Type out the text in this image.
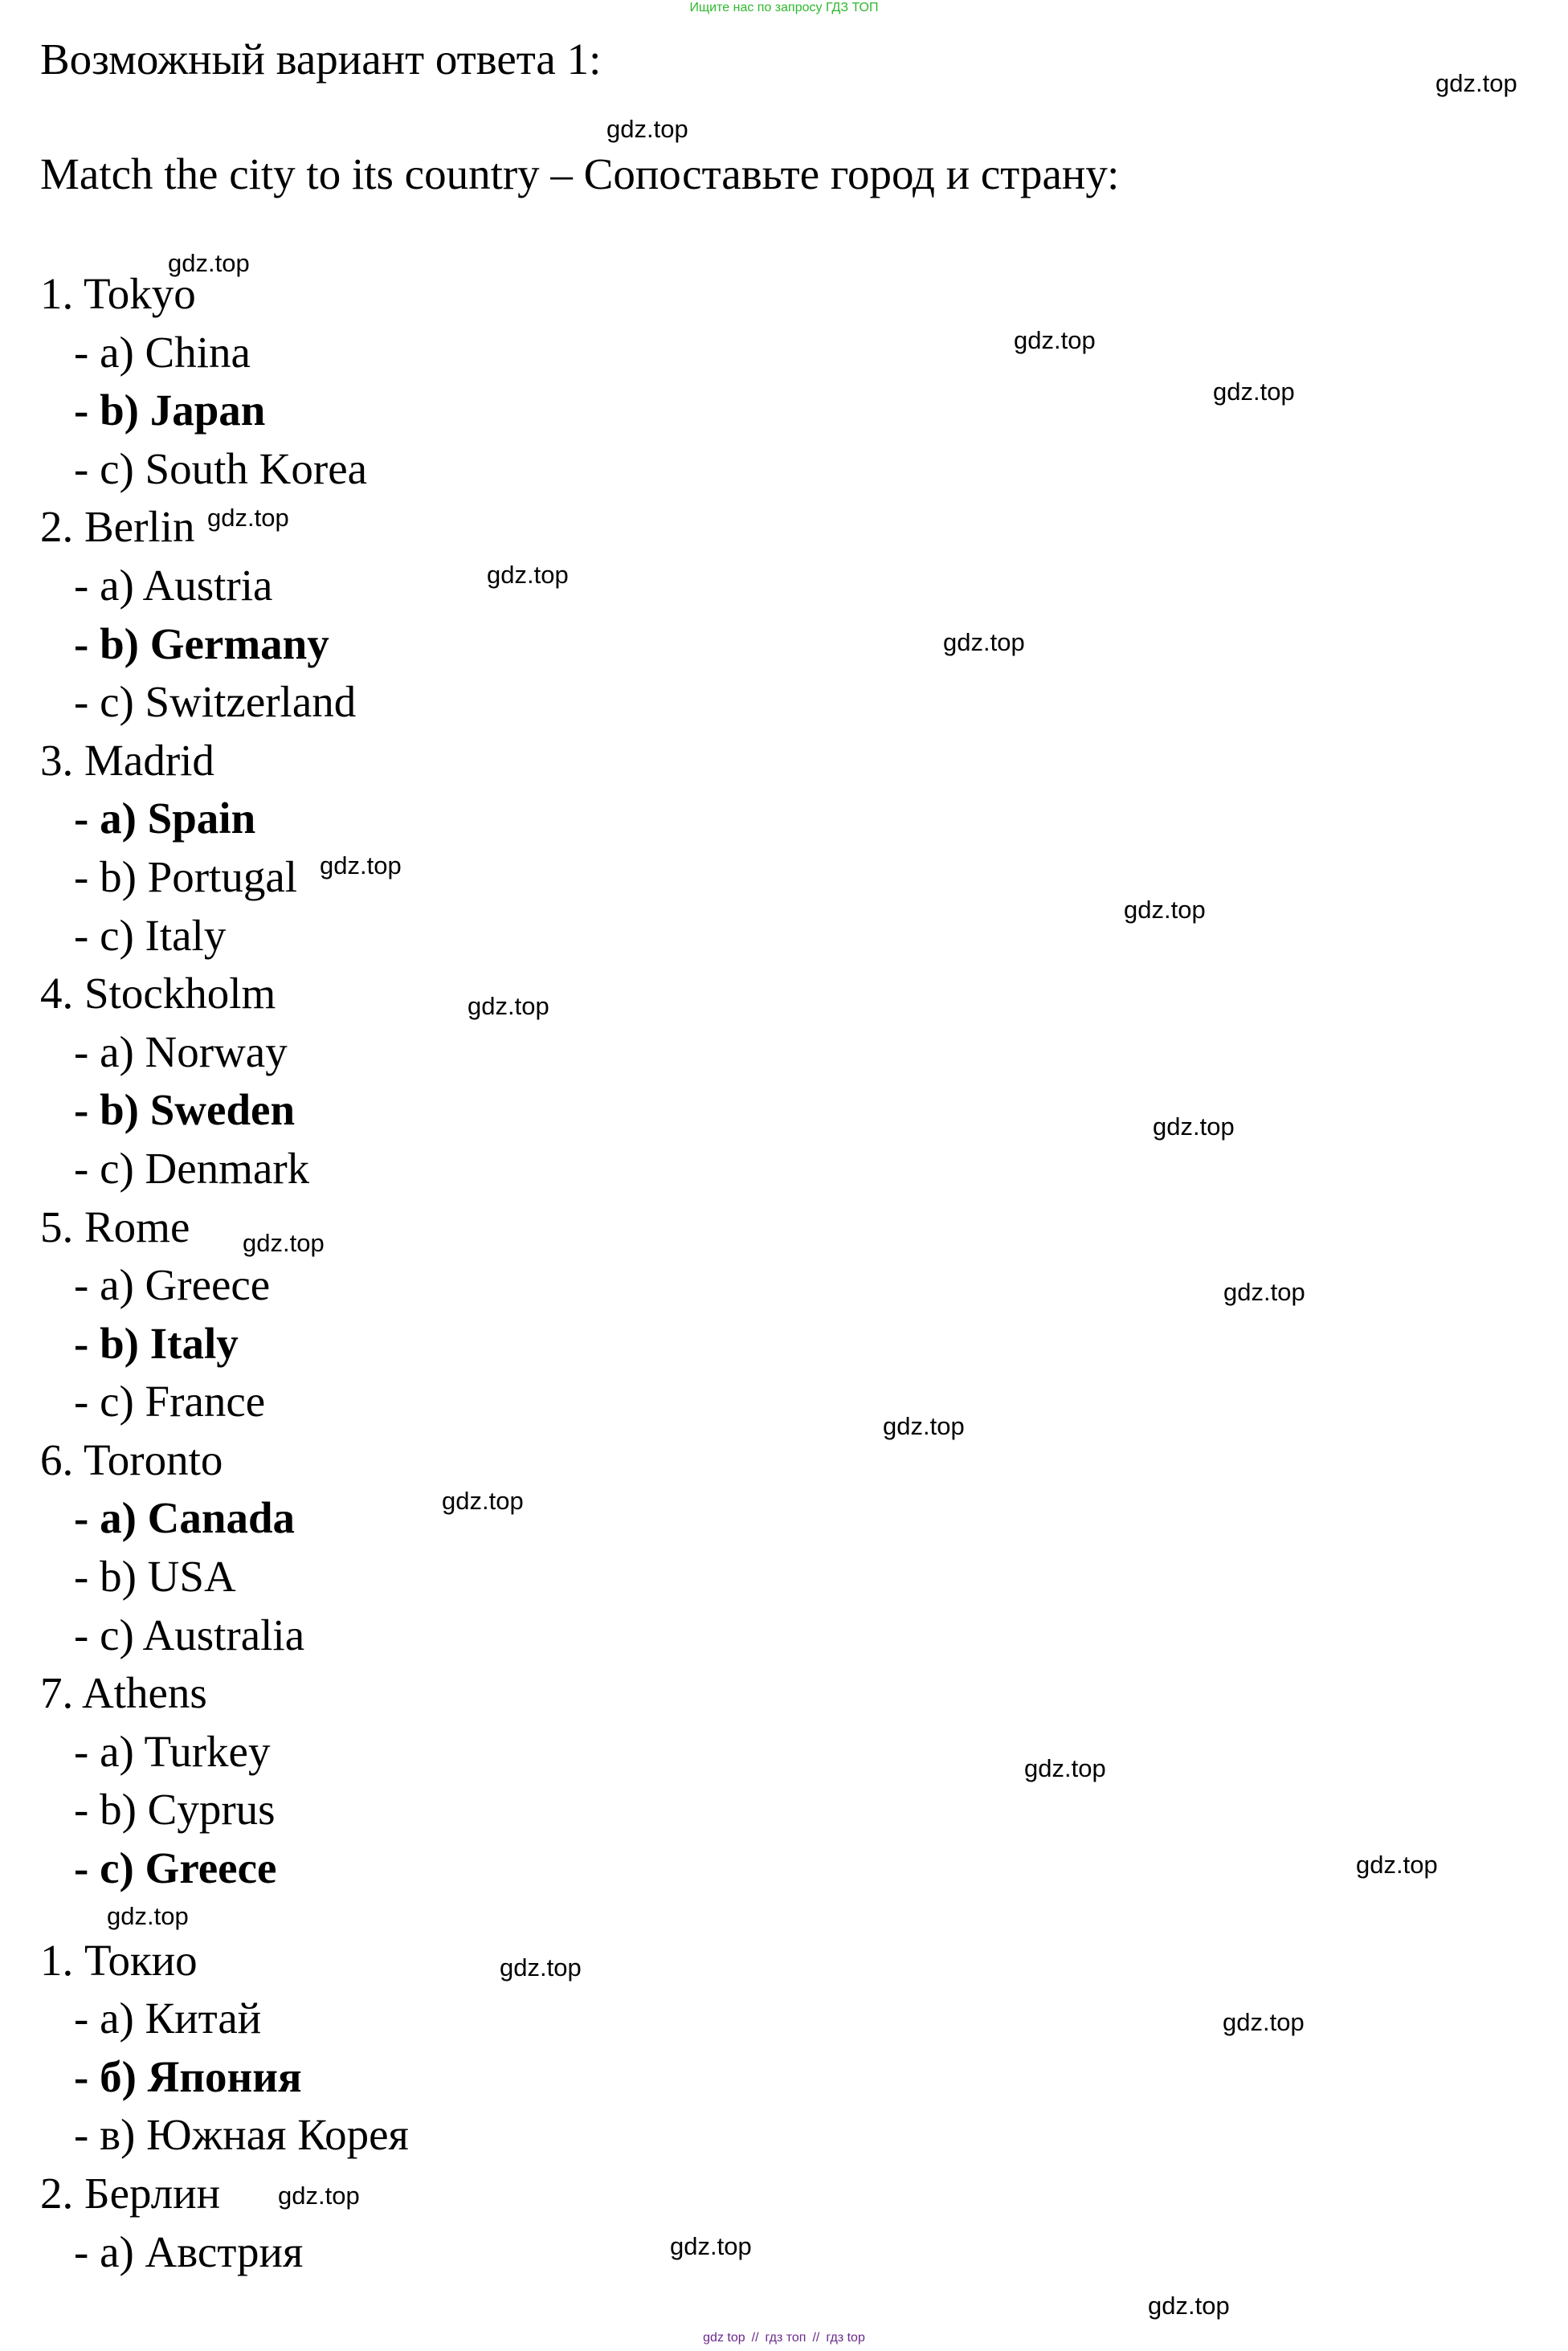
Ищите нас по запросу ГДЗ ТОП
Возможный вариант ответа 1:
Match the city to its country – Сопоставьте город и страну:
1. Tokyo
- a) China
- b) Japan
- c) South Korea
2. Berlin
- a) Austria
- b) Germany
- c) Switzerland
3. Madrid
- a) Spain
- b) Portugal
- c) Italy
4. Stockholm
- a) Norway
- b) Sweden
- c) Denmark
5. Rome
- a) Greece
- b) Italy
- c) France
6. Toronto
- a) Canada
- b) USA
- c) Australia
7. Athens
- a) Turkey
- b) Cyprus
- c) Greece
1. Токио
- а) Китай
- б) Япония
- в) Южная Корея
2. Берлин
- а) Австрия
gdz.top
gdz.top
gdz.top
gdz.top
gdz.top
gdz.top
gdz.top
gdz.top
gdz.top
gdz.top
gdz.top
gdz.top
gdz.top
gdz.top
gdz.top
gdz.top
gdz.top
gdz.top
gdz.top
gdz.top
gdz.top
gdz.top
gdz.top
gdz.top
gdz top // гдз топ // гдз top
